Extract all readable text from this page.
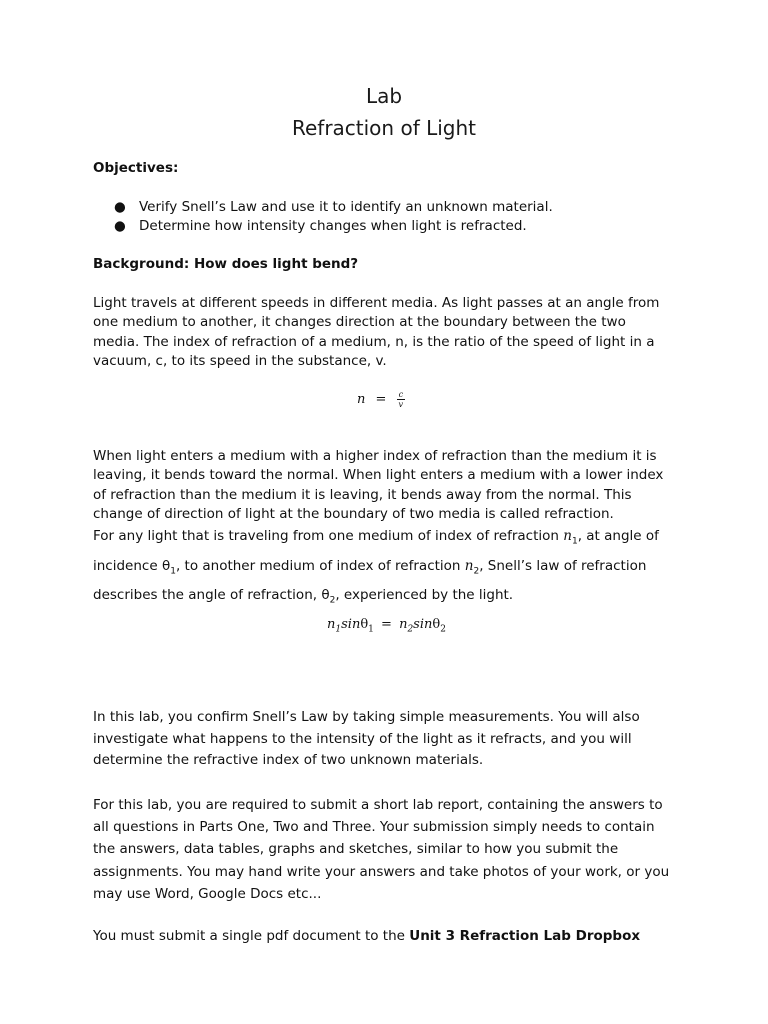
Lab
Refraction of Light
Objectives:
● Verify Snell’s Law and use it to identify an unknown material.
● Determine how intensity changes when light is refracted.
Background: How does light bend?
Light travels at different speeds in different media. As light passes at an angle from
one medium to another, it changes direction at the boundary between the two
media. The index of refraction of a medium, n, is the ratio of the speed of light in a
vacuum, c, to its speed in the substance, v.
$n = \frac{c}{v}$
When light enters a medium with a higher index of refraction than the medium it is
leaving, it bends toward the normal. When light enters a medium with a lower index
of refraction than the medium it is leaving, it bends away from the normal. This
change of direction of light at the boundary of two media is called refraction.
For any light that is traveling from one medium of index of refraction $n_1$, at angle of
incidence $\theta_1$, to another medium of index of refraction $n_2$, Snell’s law of refraction
describes the angle of refraction, $\theta_2$, experienced by the light.
$n_1\sin\theta_1 = n_2\sin\theta_2$
In this lab, you confirm Snell’s Law by taking simple measurements. You will also
investigate what happens to the intensity of the light as it refracts, and you will
determine the refractive index of two unknown materials.
For this lab, you are required to submit a short lab report, containing the answers to
all questions in Parts One, Two and Three. Your submission simply needs to contain
the answers, data tables, graphs and sketches, similar to how you submit the
assignments. You may hand write your answers and take photos of your work, or you
may use Word, Google Docs etc...
You must submit a single pdf document to the Unit 3 Refraction Lab Dropbox
